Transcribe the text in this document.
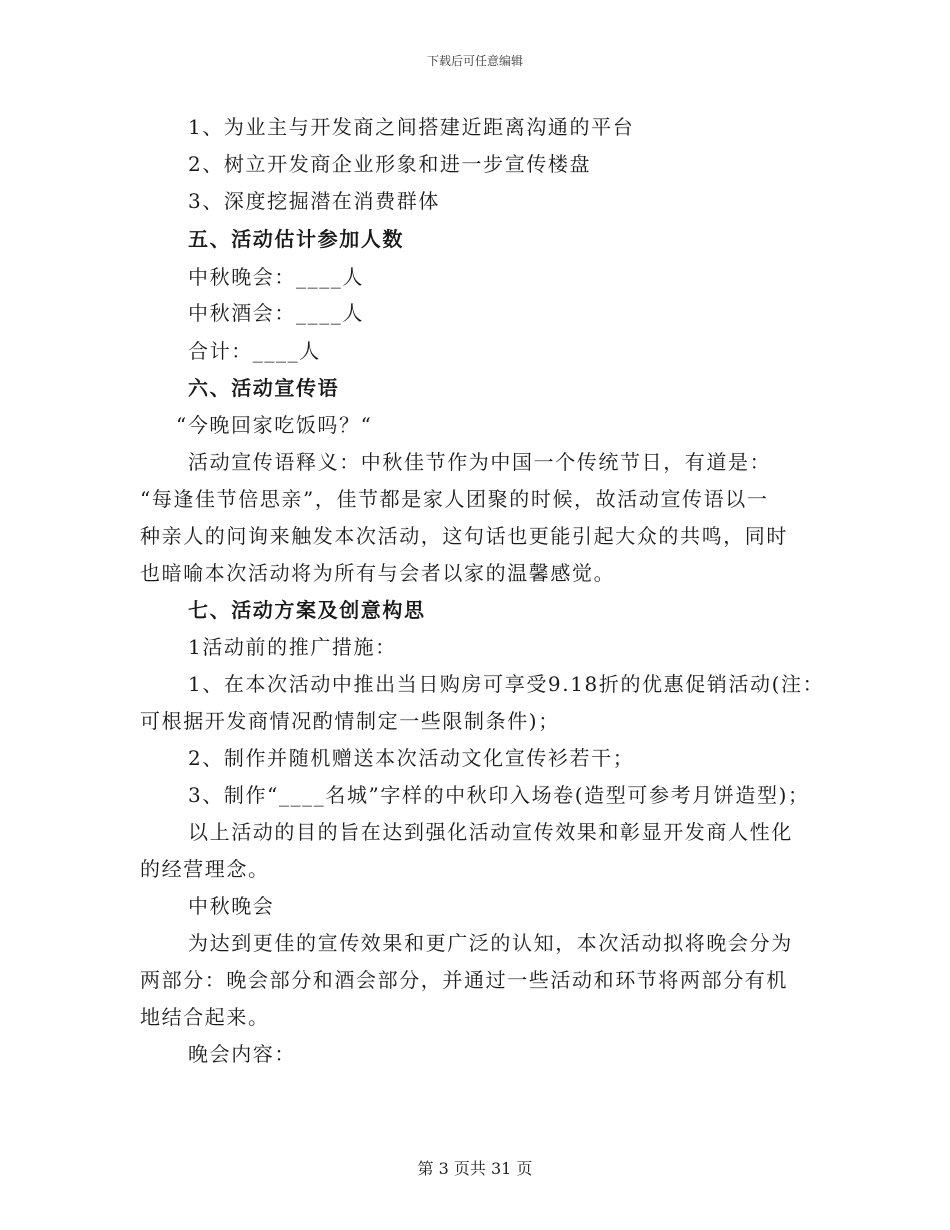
下载后可任意编辑
1、为业主与开发商之间搭建近距离沟通的平台
2、树立开发商企业形象和进一步宣传楼盘
3、深度挖掘潜在消费群体
五、活动估计参加人数
中秋晚会：____人
中秋酒会：____人
合计：____人
六、活动宣传语
“今晚回家吃饭吗？“
活动宣传语释义：中秋佳节作为中国一个传统节日，有道是：
“每逢佳节倍思亲”，佳节都是家人团聚的时候，故活动宣传语以一
种亲人的问询来触发本次活动，这句话也更能引起大众的共鸣，同时
也暗喻本次活动将为所有与会者以家的温馨感觉。
七、活动方案及创意构思
1活动前的推广措施：
1、在本次活动中推出当日购房可享受9.18折的优惠促销活动(注：
可根据开发商情况酌情制定一些限制条件)；
2、制作并随机赠送本次活动文化宣传衫若干；
3、制作“____名城”字样的中秋印入场卷(造型可参考月饼造型)；
以上活动的目的旨在达到强化活动宣传效果和彰显开发商人性化
的经营理念。
中秋晚会
为达到更佳的宣传效果和更广泛的认知，本次活动拟将晚会分为
两部分：晚会部分和酒会部分，并通过一些活动和环节将两部分有机
地结合起来。
晚会内容：
第 3 页共 31 页
